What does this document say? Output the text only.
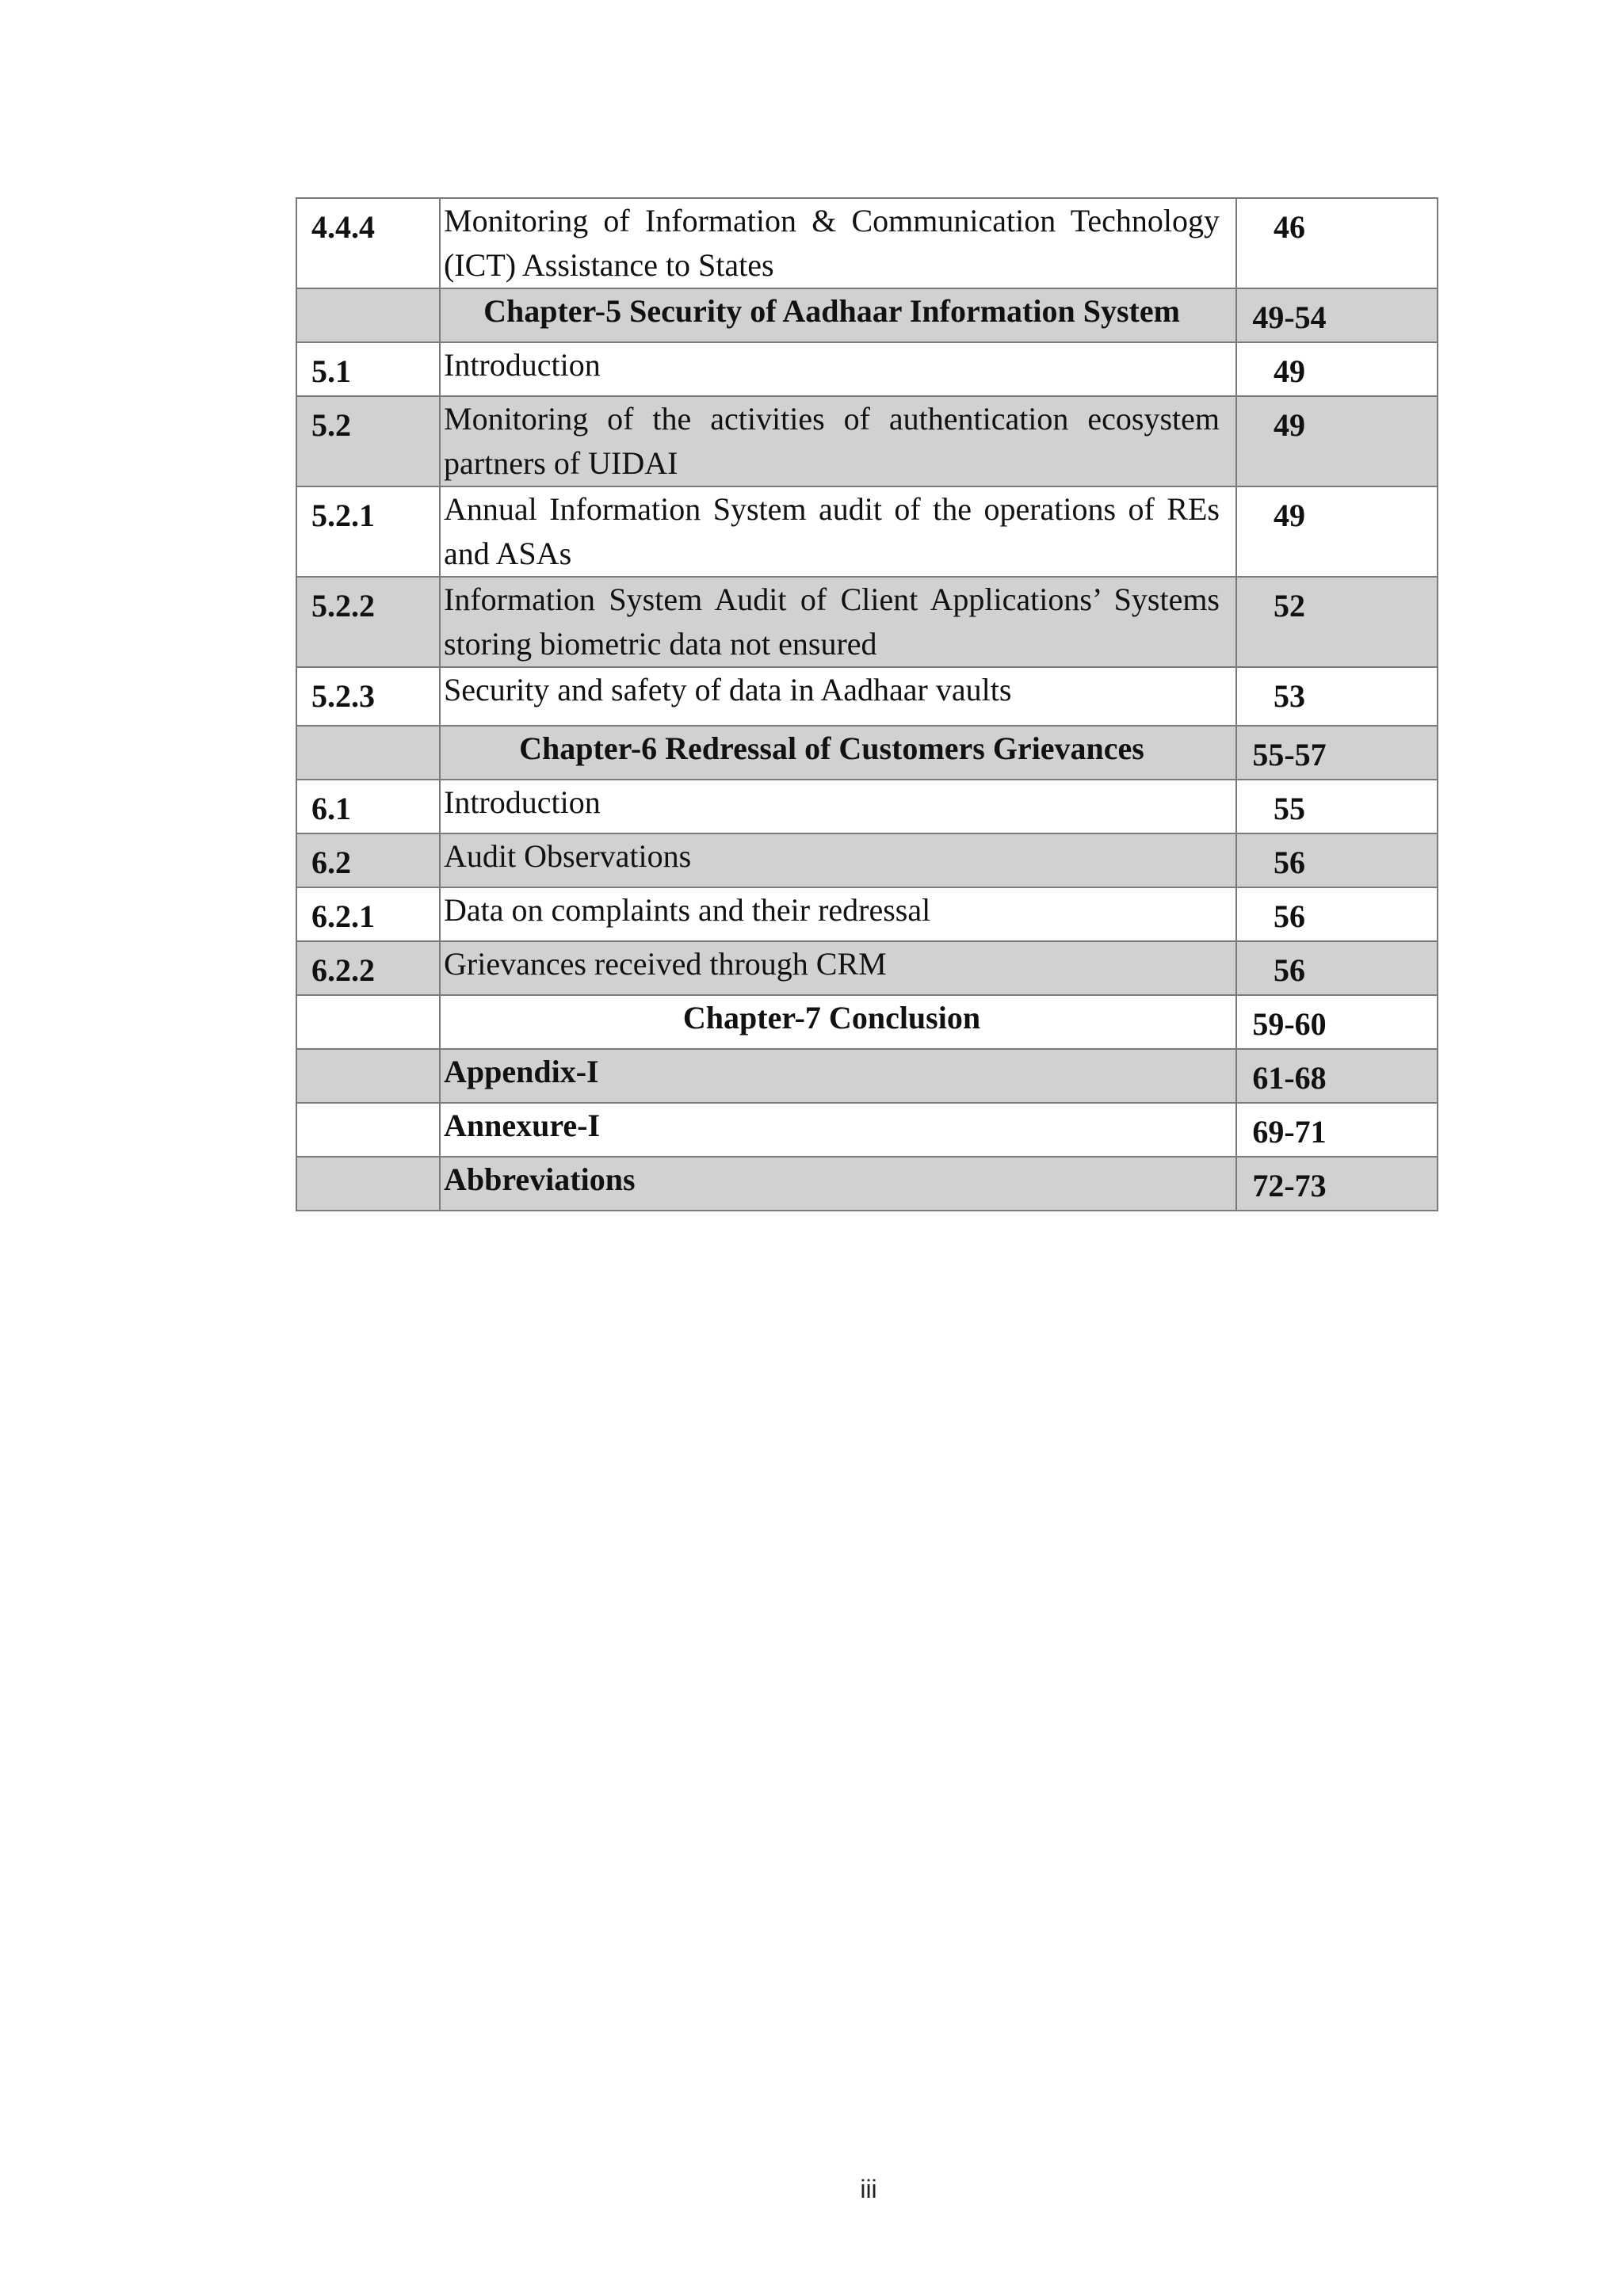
4.4.4	Monitoring of Information & Communication Technology (ICT) Assistance to States	46
	Chapter-5 Security of Aadhaar Information System	49-54
5.1	Introduction	49
5.2	Monitoring of the activities of authentication ecosystem partners of UIDAI	49
5.2.1	Annual Information System audit of the operations of REs and ASAs	49
5.2.2	Information System Audit of Client Applications’ Systems storing biometric data not ensured	52
5.2.3	Security and safety of data in Aadhaar vaults	53
	Chapter-6 Redressal of Customers Grievances	55-57
6.1	Introduction	55
6.2	Audit Observations	56
6.2.1	Data on complaints and their redressal	56
6.2.2	Grievances received through CRM	56
	Chapter-7 Conclusion	59-60
	Appendix-I	61-68
	Annexure-I	69-71
	Abbreviations	72-73
iii
